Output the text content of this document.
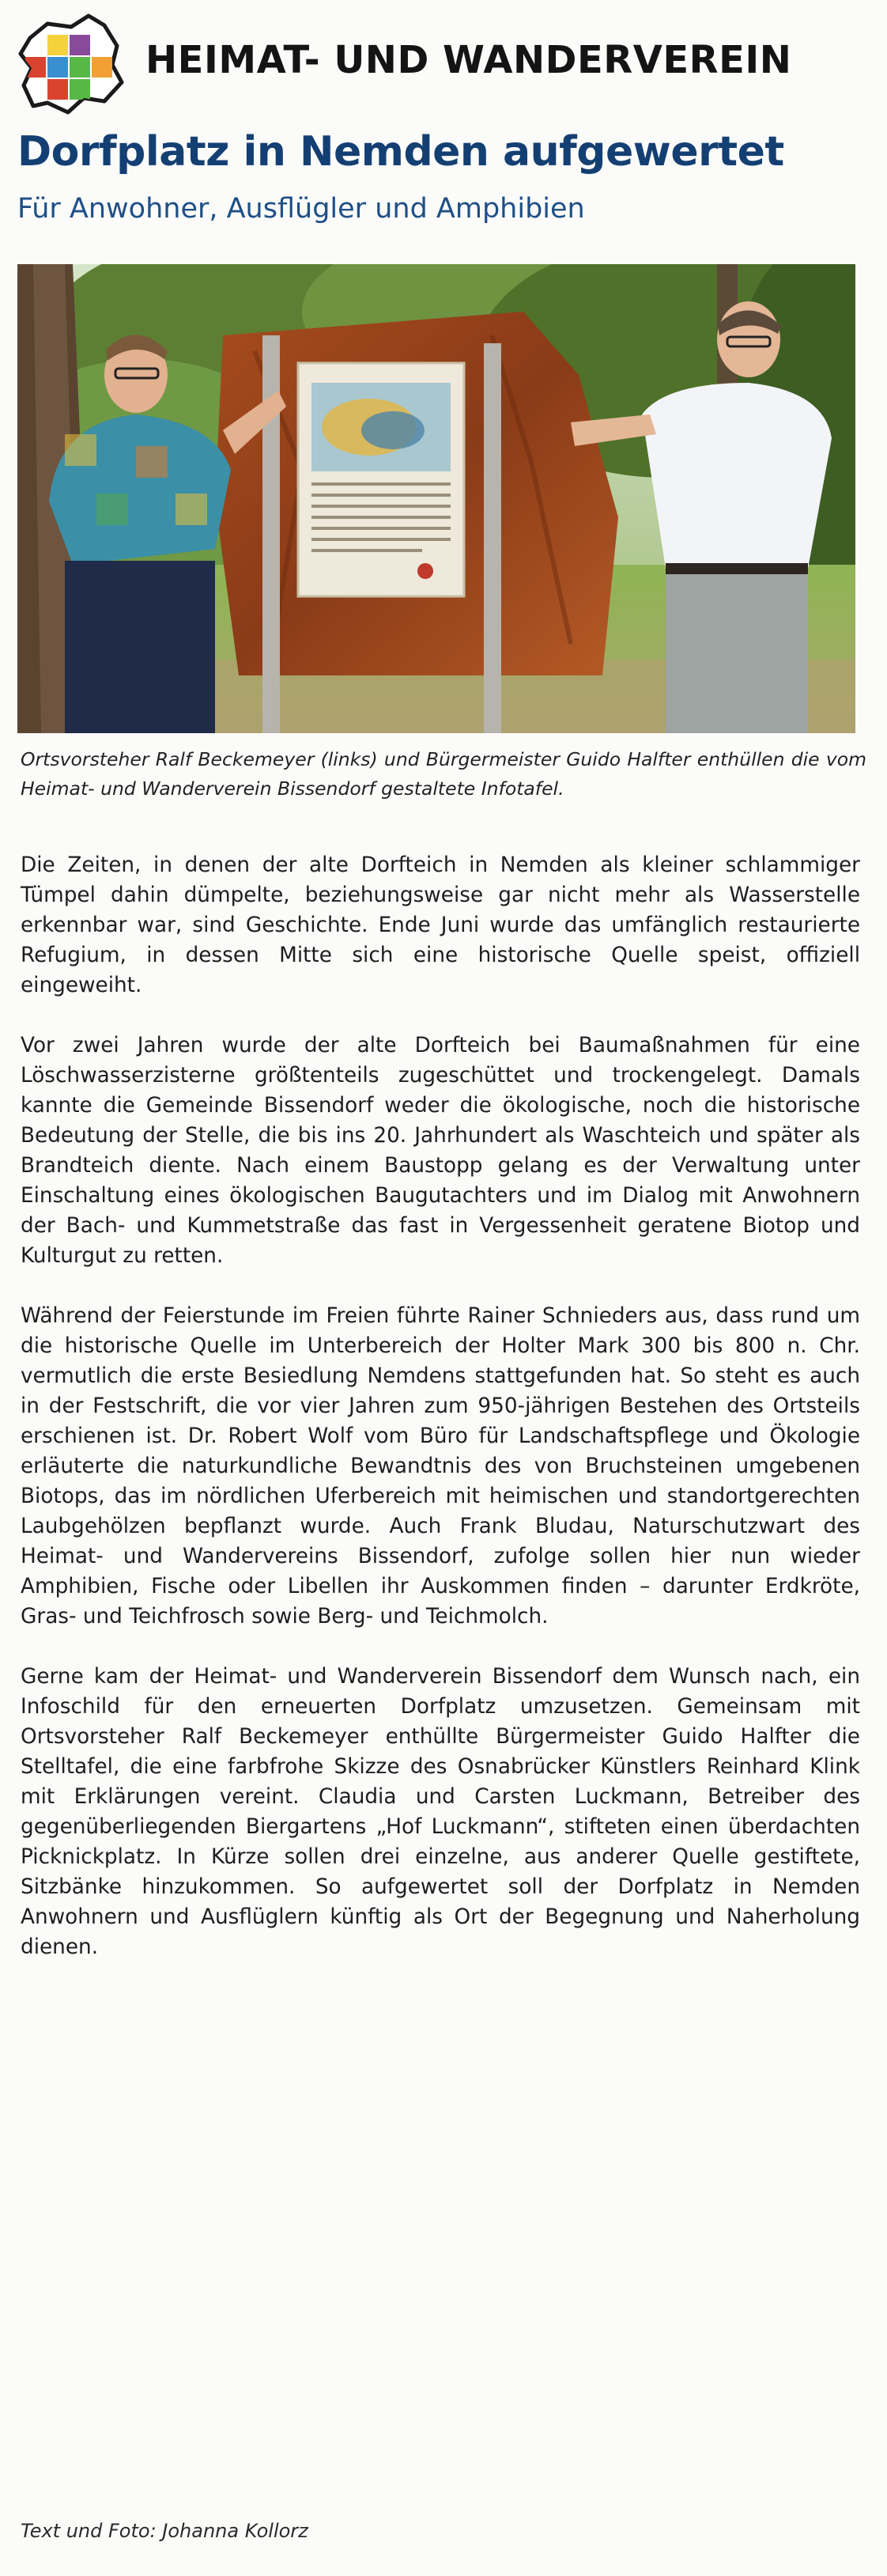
HEIMAT- UND WANDERVEREIN
Dorfplatz in Nemden aufgewertet
Für Anwohner, Ausflügler und Amphibien
Ortsvorsteher Ralf Beckemeyer (links) und Bürgermeister Guido Halfter enthüllen die vom Heimat- und Wanderverein Bissendorf gestaltete Infotafel.

Die Zeiten, in denen der alte Dorfteich in Nemden als kleiner schlammiger Tümpel dahin dümpelte, beziehungsweise gar nicht mehr als Wasserstelle erkennbar war, sind Geschichte. Ende Juni wurde das umfänglich restaurierte Refugium, in dessen Mitte sich eine historische Quelle speist, offiziell eingeweiht.

Vor zwei Jahren wurde der alte Dorfteich bei Baumaßnahmen für eine Löschwasserzisterne größtenteils zugeschüttet und trockengelegt. Damals kannte die Gemeinde Bissendorf weder die ökologische, noch die historische Bedeutung der Stelle, die bis ins 20. Jahrhundert als Waschteich und später als Brandteich diente. Nach einem Baustopp gelang es der Verwaltung unter Einschaltung eines ökologischen Baugutachters und im Dialog mit Anwohnern der Bach- und Kummetstraße das fast in Vergessenheit geratene Biotop und Kulturgut zu retten.

Während der Feierstunde im Freien führte Rainer Schnieders aus, dass rund um die historische Quelle im Unterbereich der Holter Mark 300 bis 800 n. Chr. vermutlich die erste Besiedlung Nemdens stattgefunden hat. So steht es auch in der Festschrift, die vor vier Jahren zum 950-jährigen Bestehen des Ortsteils erschienen ist. Dr. Robert Wolf vom Büro für Landschaftspflege und Ökologie erläuterte die naturkundliche Bewandtnis des von Bruchsteinen umgebenen Biotops, das im nördlichen Uferbereich mit heimischen und standortgerechten Laubgehölzen bepflanzt wurde. Auch Frank Bludau, Naturschutzwart des Heimat- und Wandervereins Bissendorf, zufolge sollen hier nun wieder Amphibien, Fische oder Libellen ihr Auskommen finden – darunter Erdkröte, Gras- und Teichfrosch sowie Berg- und Teichmolch.

Gerne kam der Heimat- und Wanderverein Bissendorf dem Wunsch nach, ein Infoschild für den erneuerten Dorfplatz umzusetzen. Gemeinsam mit Ortsvorsteher Ralf Beckemeyer enthüllte Bürgermeister Guido Halfter die Stelltafel, die eine farbfrohe Skizze des Osnabrücker Künstlers Reinhard Klink mit Erklärungen vereint. Claudia und Carsten Luckmann, Betreiber des gegenüberliegenden Biergartens „Hof Luckmann“, stifteten einen überdachten Picknickplatz. In Kürze sollen drei einzelne, aus anderer Quelle gestiftete, Sitzbänke hinzukommen. So aufgewertet soll der Dorfplatz in Nemden Anwohnern und Ausflüglern künftig als Ort der Begegnung und Naherholung dienen.

Text und Foto: Johanna Kollorz
